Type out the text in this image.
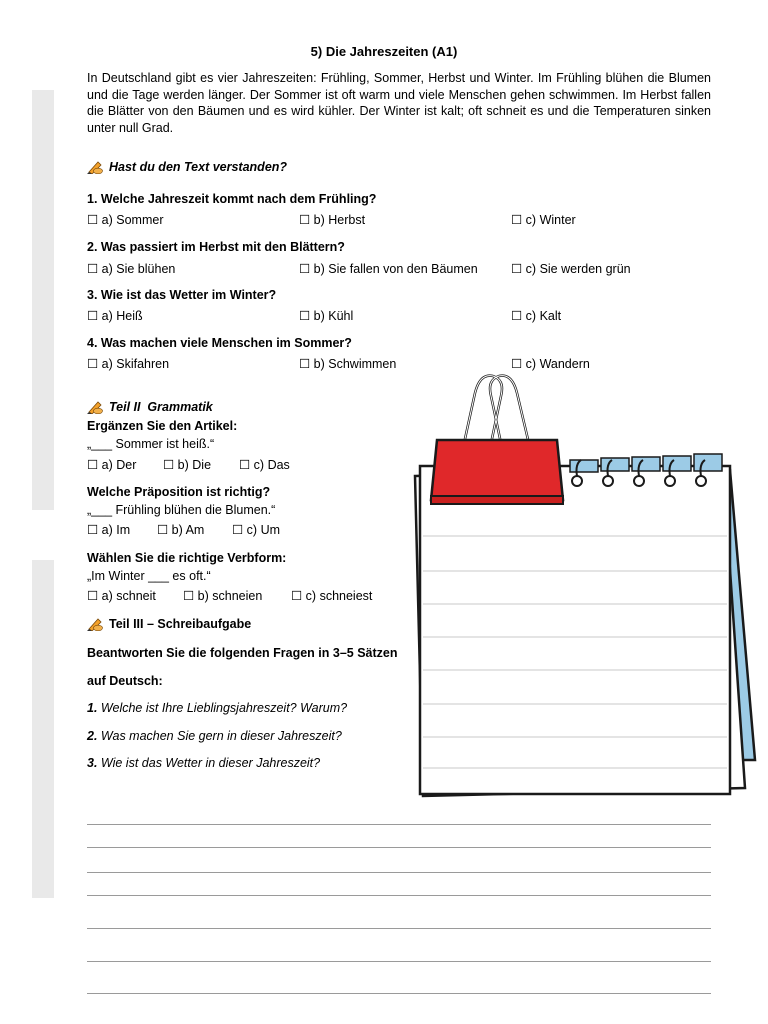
5) Die Jahreszeiten (A1)
In Deutschland gibt es vier Jahreszeiten: Frühling, Sommer, Herbst und Winter. Im Frühling blühen die Blumen und die Tage werden länger. Der Sommer ist oft warm und viele Menschen gehen schwimmen. Im Herbst fallen die Blätter von den Bäumen und es wird kühler. Der Winter ist kalt; oft schneit es und die Temperaturen sinken unter null Grad.
Hast du den Text verstanden?
1. Welche Jahreszeit kommt nach dem Frühling?
☐ a) Sommer	☐ b) Herbst	☐ c) Winter
2. Was passiert im Herbst mit den Blättern?
☐ a) Sie blühen	☐ b) Sie fallen von den Bäumen	☐ c) Sie werden grün
3. Wie ist das Wetter im Winter?
☐ a) Heiß	☐ b) Kühl	☐ c) Kalt
4. Was machen viele Menschen im Sommer?
☐ a) Skifahren	☐ b) Schwimmen	☐ c) Wandern
Teil II  Grammatik
Ergänzen Sie den Artikel:
„___ Sommer ist heiß.“
☐ a) Der ☐ b) Die ☐ c) Das
Welche Präposition ist richtig?
„___ Frühling blühen die Blumen.“
☐ a) Im ☐ b) Am ☐ c) Um
Wählen Sie die richtige Verbform:
„Im Winter ___ es oft.“
☐ a) schneit ☐ b) schneien ☐ c) schneiest
Teil III – Schreibaufgabe
Beantworten Sie die folgenden Fragen in 3–5 Sätzen
auf Deutsch:
1. Welche ist Ihre Lieblingsjahreszeit? Warum?
2. Was machen Sie gern in dieser Jahreszeit?
3. Wie ist das Wetter in dieser Jahreszeit?
